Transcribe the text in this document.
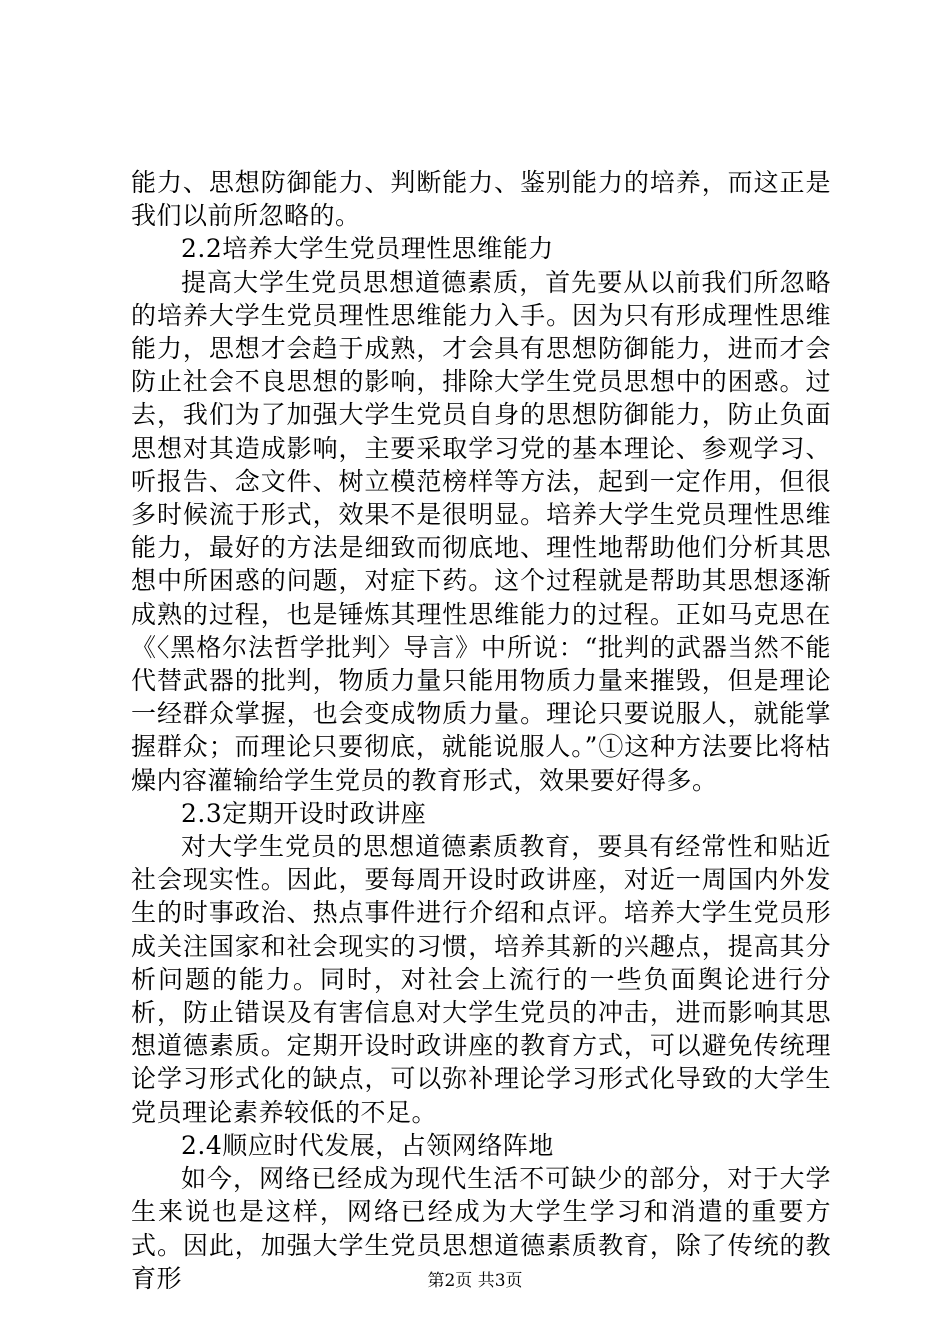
能力、思想防御能力、判断能力、鉴别能力的培养，而这正是我们以前所忽略的。

2.2培养大学生党员理性思维能力

提高大学生党员思想道德素质，首先要从以前我们所忽略的培养大学生党员理性思维能力入手。因为只有形成理性思维能力，思想才会趋于成熟，才会具有思想防御能力，进而才会防止社会不良思想的影响，排除大学生党员思想中的困惑。过去，我们为了加强大学生党员自身的思想防御能力，防止负面思想对其造成影响，主要采取学习党的基本理论、参观学习、听报告、念文件、树立模范榜样等方法，起到一定作用，但很多时候流于形式，效果不是很明显。培养大学生党员理性思维能力，最好的方法是细致而彻底地、理性地帮助他们分析其思想中所困惑的问题，对症下药。这个过程就是帮助其思想逐渐成熟的过程，也是锤炼其理性思维能力的过程。正如马克思在《〈黑格尔法哲学批判〉导言》中所说：“批判的武器当然不能代替武器的批判，物质力量只能用物质力量来摧毁，但是理论一经群众掌握，也会变成物质力量。理论只要说服人，就能掌握群众；而理论只要彻底，就能说服人。”①这种方法要比将枯燥内容灌输给学生党员的教育形式，效果要好得多。

2.3定期开设时政讲座

对大学生党员的思想道德素质教育，要具有经常性和贴近社会现实性。因此，要每周开设时政讲座，对近一周国内外发生的时事政治、热点事件进行介绍和点评。培养大学生党员形成关注国家和社会现实的习惯，培养其新的兴趣点，提高其分析问题的能力。同时，对社会上流行的一些负面舆论进行分析，防止错误及有害信息对大学生党员的冲击，进而影响其思想道德素质。定期开设时政讲座的教育方式，可以避免传统理论学习形式化的缺点，可以弥补理论学习形式化导致的大学生党员理论素养较低的不足。

2.4顺应时代发展，占领网络阵地

如今，网络已经成为现代生活不可缺少的部分，对于大学生来说也是这样，网络已经成为大学生学习和消遣的重要方式。因此，加强大学生党员思想道德素质教育，除了传统的教育形	第2页 共3页
